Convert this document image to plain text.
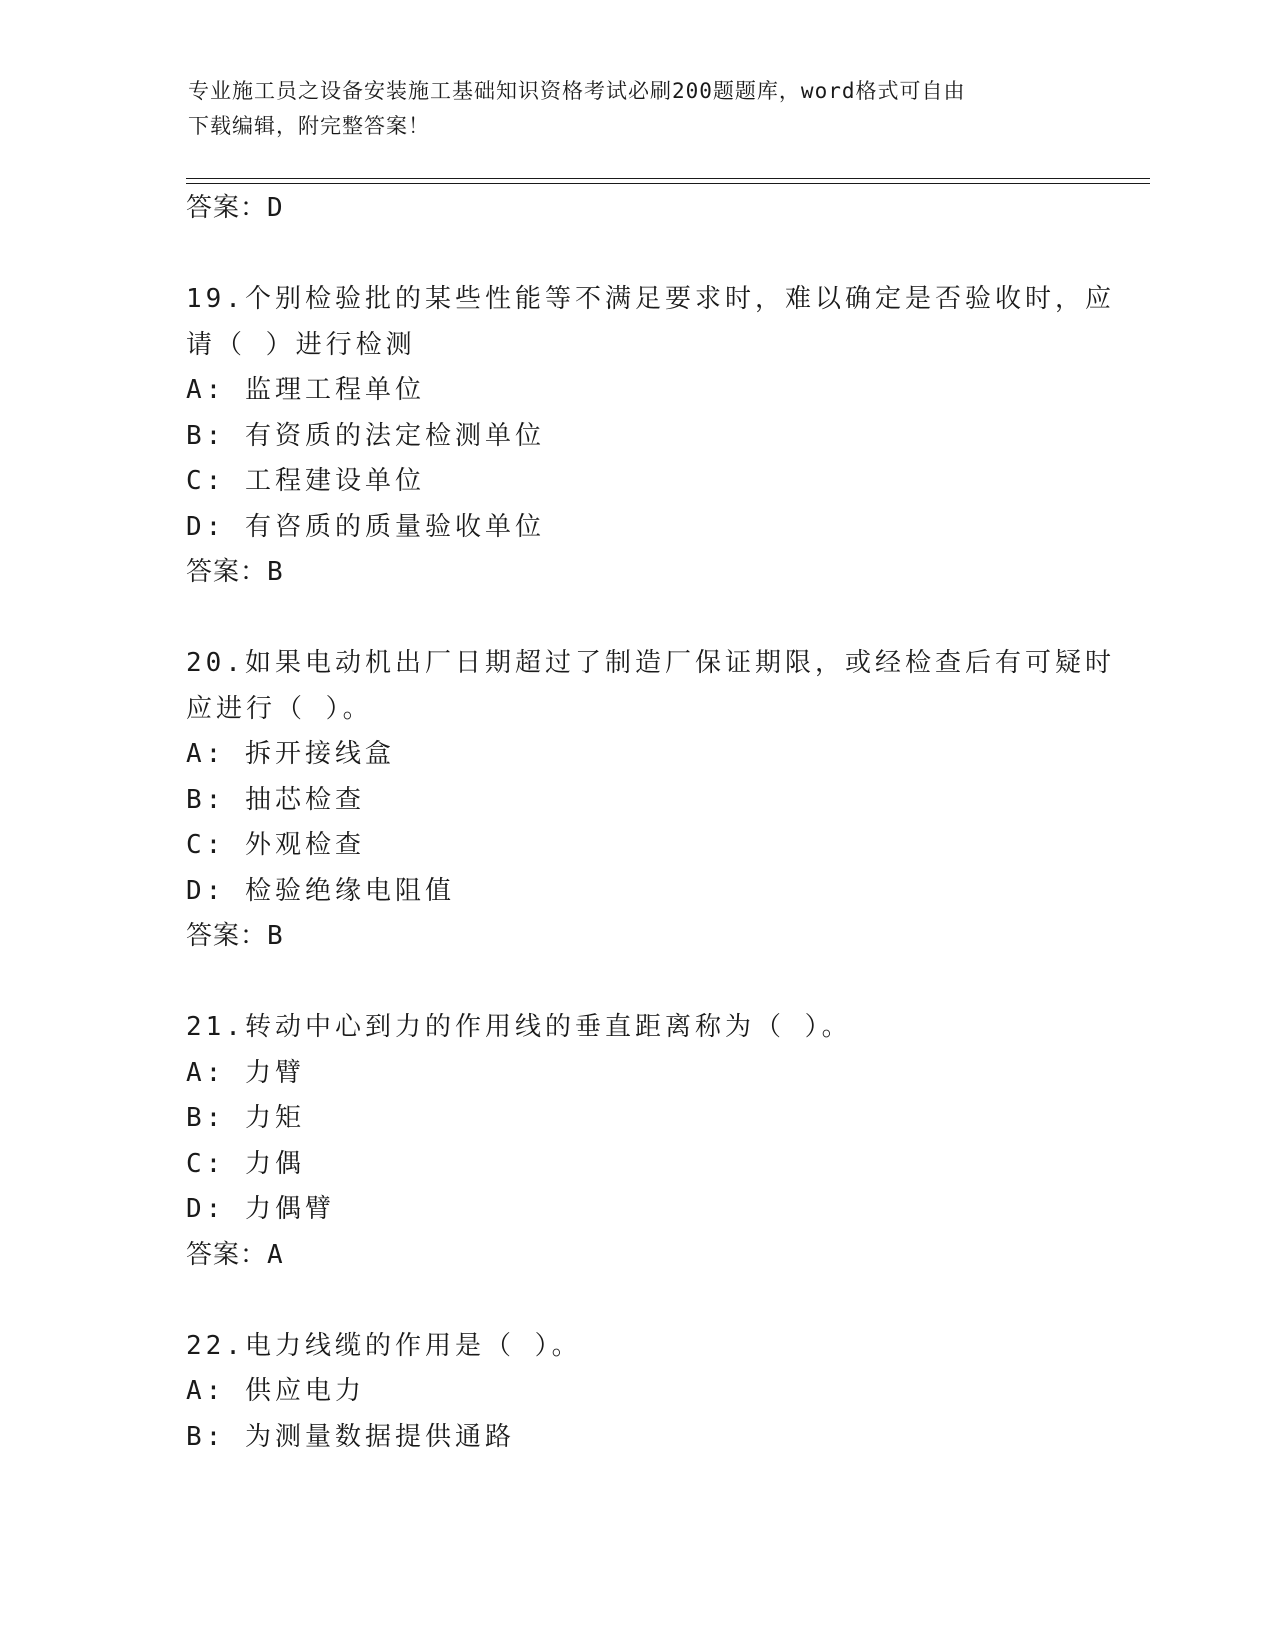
专业施工员之设备安装施工基础知识资格考试必刷200题题库，word格式可自由
下载编辑，附完整答案！
答案：D
19.个别检验批的某些性能等不满足要求时，难以确定是否验收时，应
请（ ）进行检测
A: 监理工程单位
B: 有资质的法定检测单位
C: 工程建设单位
D: 有咨质的质量验收单位
答案：B
20.如果电动机出厂日期超过了制造厂保证期限，或经检查后有可疑时
应进行（ ）。
A: 拆开接线盒
B: 抽芯检查
C: 外观检查
D: 检验绝缘电阻值
答案：B
21.转动中心到力的作用线的垂直距离称为（ ）。
A: 力臂
B: 力矩
C: 力偶
D: 力偶臂
答案：A
22.电力线缆的作用是（ ）。
A: 供应电力
B: 为测量数据提供通路
